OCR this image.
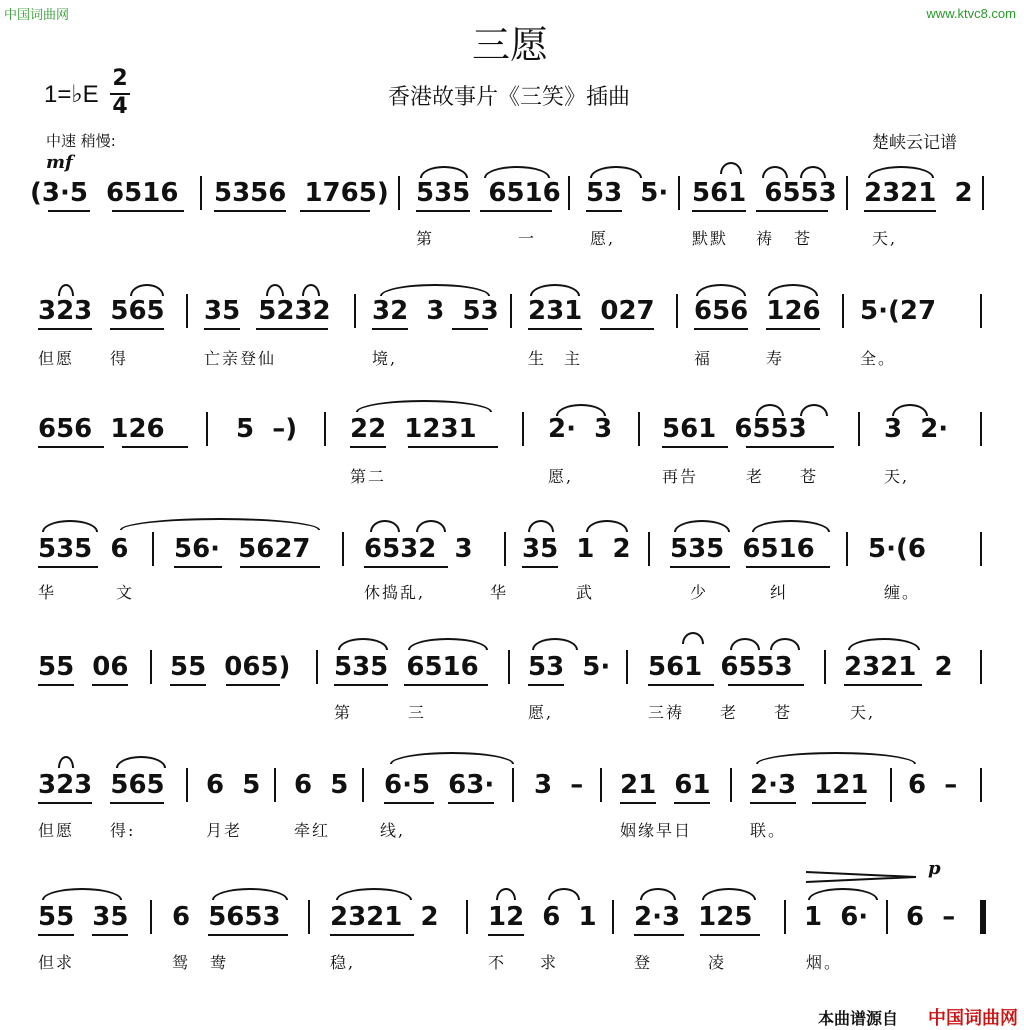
中国词曲网	www.ktvc8.com
三愿
香港故事片《三笑》插曲
1=♭E
2
4
中速 稍慢:	楚峡云记谱
mf
(3·5  6516 5356  1765) 535  6516 53  5· 561  6553 2321  2
第	一	愿,	默默 祷 苍	天,
323  565 35  5232 32  3  53 231  027 656  126 5·(27
但愿 得	亡亲登仙	境,	生 主	福	寿	全。
656  126	5  –) 22  1231	2·  3 561  6553	3  2·
第二	愿,	再告	老 苍	天,
535  6 56·  5627 6532  3 35  1  2 535  6516 5·(6
华	文	休捣乱,	华	武	少	纠	缠。
55  06 55  065) 535  6516 53  5· 561  6553 2321  2
第	三	愿,	三祷 老 苍	天,
323  565 6  5 6  5 6·5  63· 3  – 21  61 2·3  121 6  –
但愿 得:	月老	牵红	线,	姻缘早日	联。
p
55  35 6  5653 2321  2 12  6  1 2·3  125 1  6· 6  –
但求	鸳 鸯	稳,	不 求	登	凌	烟。
本曲谱源自 中国词曲网
